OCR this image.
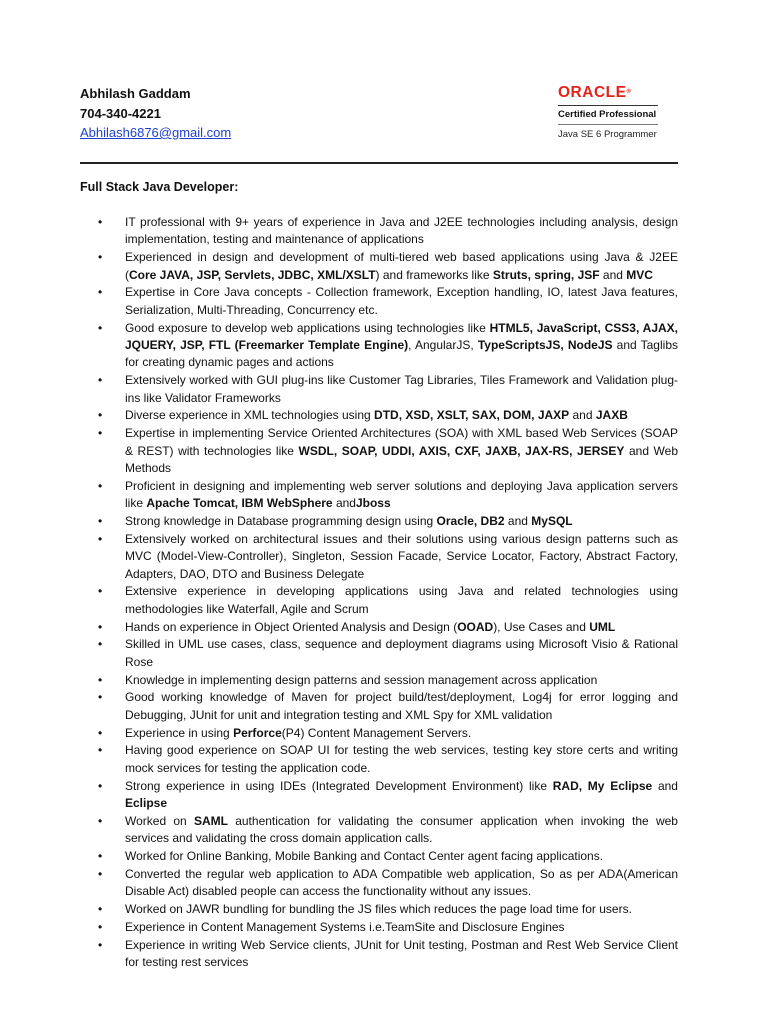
Abhilash Gaddam
704-340-4221
Abhilash6876@gmail.com
ORACLE®
Certified Professional
Java SE 6 Programmer
Full Stack Java Developer:
• IT professional with 9+ years of experience in Java and J2EE technologies including analysis, design implementation, testing and maintenance of applications
• Experienced in design and development of multi-tiered web based applications using Java & J2EE (Core JAVA, JSP, Servlets, JDBC, XML/XSLT) and frameworks like Struts, spring, JSF and MVC
• Expertise in Core Java concepts - Collection framework, Exception handling, IO, latest Java features, Serialization, Multi-Threading, Concurrency etc.
• Good exposure to develop web applications using technologies like HTML5, JavaScript, CSS3, AJAX, JQUERY, JSP, FTL (Freemarker Template Engine), AngularJS, TypeScriptsJS, NodeJS and Taglibs for creating dynamic pages and actions
• Extensively worked with GUI plug-ins like Customer Tag Libraries, Tiles Framework and Validation plug-ins like Validator Frameworks
• Diverse experience in XML technologies using DTD, XSD, XSLT, SAX, DOM, JAXP and JAXB
• Expertise in implementing Service Oriented Architectures (SOA) with XML based Web Services (SOAP & REST) with technologies like WSDL, SOAP, UDDI, AXIS, CXF, JAXB, JAX-RS, JERSEY and Web Methods
• Proficient in designing and implementing web server solutions and deploying Java application servers like Apache Tomcat, IBM WebSphere andJboss
• Strong knowledge in Database programming design using Oracle, DB2 and MySQL
• Extensively worked on architectural issues and their solutions using various design patterns such as MVC (Model-View-Controller), Singleton, Session Facade, Service Locator, Factory, Abstract Factory, Adapters, DAO, DTO and Business Delegate
• Extensive experience in developing applications using Java and related technologies using methodologies like Waterfall, Agile and Scrum
• Hands on experience in Object Oriented Analysis and Design (OOAD), Use Cases and UML
• Skilled in UML use cases, class, sequence and deployment diagrams using Microsoft Visio & Rational Rose
• Knowledge in implementing design patterns and session management across application
• Good working knowledge of Maven for project build/test/deployment, Log4j for error logging and Debugging, JUnit for unit and integration testing and XML Spy for XML validation
• Experience in using Perforce(P4) Content Management Servers.
• Having good experience on SOAP UI for testing the web services, testing key store certs and writing mock services for testing the application code.
• Strong experience in using IDEs (Integrated Development Environment) like RAD, My Eclipse and Eclipse
• Worked on SAML authentication for validating the consumer application when invoking the web services and validating the cross domain application calls.
• Worked for Online Banking, Mobile Banking and Contact Center agent facing applications.
• Converted the regular web application to ADA Compatible web application, So as per ADA(American Disable Act) disabled people can access the functionality without any issues.
• Worked on JAWR bundling for bundling the JS files which reduces the page load time for users.
• Experience in Content Management Systems i.e.TeamSite and Disclosure Engines
• Experience in writing Web Service clients, JUnit for Unit testing, Postman and Rest Web Service Client for testing rest services
